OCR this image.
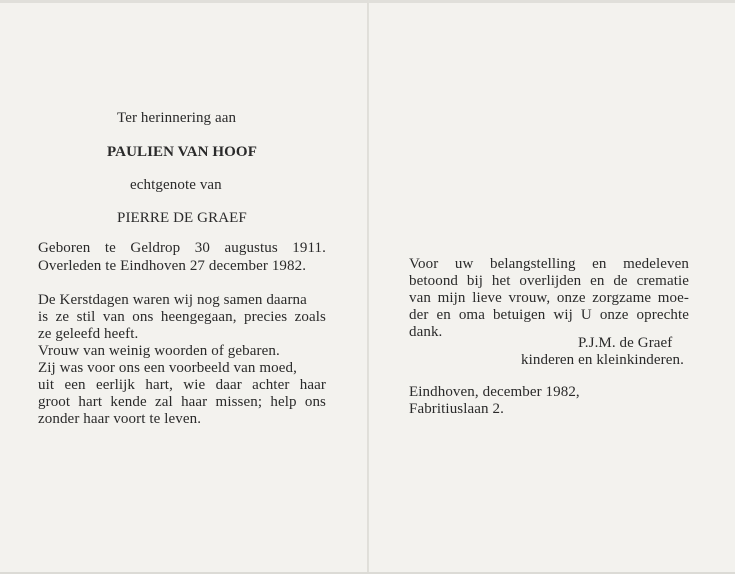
Ter herinnering aan
PAULIEN VAN HOOF
echtgenote van
PIERRE DE GRAEF
Geboren te Geldrop 30 augustus 1911.
Overleden te Eindhoven 27 december 1982.
De Kerstdagen waren wij nog samen daarna
is ze stil van ons heengegaan, precies zoals
ze geleefd heeft.
Vrouw van weinig woorden of gebaren.
Zij was voor ons een voorbeeld van moed,
uit een eerlijk hart, wie daar achter haar
groot hart kende zal haar missen; help ons
zonder haar voort te leven.
Voor uw belangstelling en medeleven
betoond bij het overlijden en de crematie
van mijn lieve vrouw, onze zorgzame moe-
der en oma betuigen wij U onze oprechte
dank.
P.J.M. de Graef
kinderen en kleinkinderen.
Eindhoven, december 1982,
Fabritiuslaan 2.
